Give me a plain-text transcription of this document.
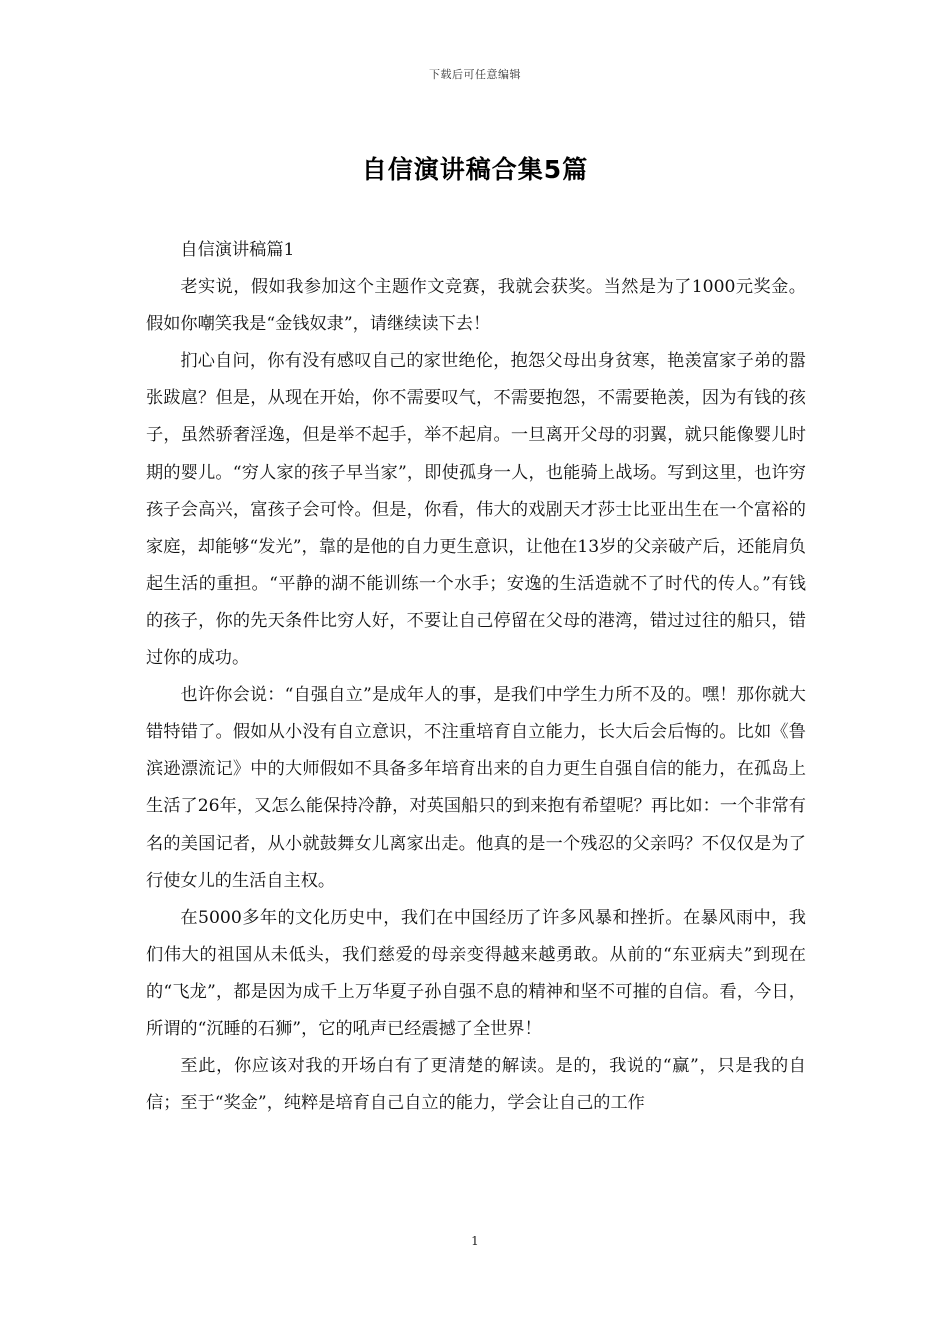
下载后可任意编辑
自信演讲稿合集5篇
自信演讲稿篇1

老实说，假如我参加这个主题作文竞赛，我就会获奖。当然是为了1000元奖金。假如你嘲笑我是“金钱奴隶”，请继续读下去！

扪心自问，你有没有感叹自己的家世绝伦，抱怨父母出身贫寒，艳羡富家子弟的嚣张跋扈？但是，从现在开始，你不需要叹气，不需要抱怨，不需要艳羡，因为有钱的孩子，虽然骄奢淫逸，但是举不起手，举不起肩。一旦离开父母的羽翼，就只能像婴儿时期的婴儿。“穷人家的孩子早当家”，即使孤身一人，也能骑上战场。写到这里，也许穷孩子会高兴，富孩子会可怜。但是，你看，伟大的戏剧天才莎士比亚出生在一个富裕的家庭，却能够“发光”，靠的是他的自力更生意识，让他在13岁的父亲破产后，还能肩负起生活的重担。“平静的湖不能训练一个水手；安逸的生活造就不了时代的传人。”有钱的孩子，你的先天条件比穷人好，不要让自己停留在父母的港湾，错过过往的船只，错过你的成功。

也许你会说：“自强自立”是成年人的事，是我们中学生力所不及的。嘿！那你就大错特错了。假如从小没有自立意识，不注重培育自立能力，长大后会后悔的。比如《鲁滨逊漂流记》中的大师假如不具备多年培育出来的自力更生自强自信的能力，在孤岛上生活了26年，又怎么能保持冷静，对英国船只的到来抱有希望呢？再比如：一个非常有名的美国记者，从小就鼓舞女儿离家出走。他真的是一个残忍的父亲吗？不仅仅是为了行使女儿的生活自主权。

在5000多年的文化历史中，我们在中国经历了许多风暴和挫折。在暴风雨中，我们伟大的祖国从未低头，我们慈爱的母亲变得越来越勇敢。从前的“东亚病夫”到现在的“飞龙”，都是因为成千上万华夏子孙自强不息的精神和坚不可摧的自信。看，今日，所谓的“沉睡的石狮”，它的吼声已经震撼了全世界！

至此，你应该对我的开场白有了更清楚的解读。是的，我说的“赢”，只是我的自信；至于“奖金”，纯粹是培育自己自立的能力，学会让自己的工作

1
